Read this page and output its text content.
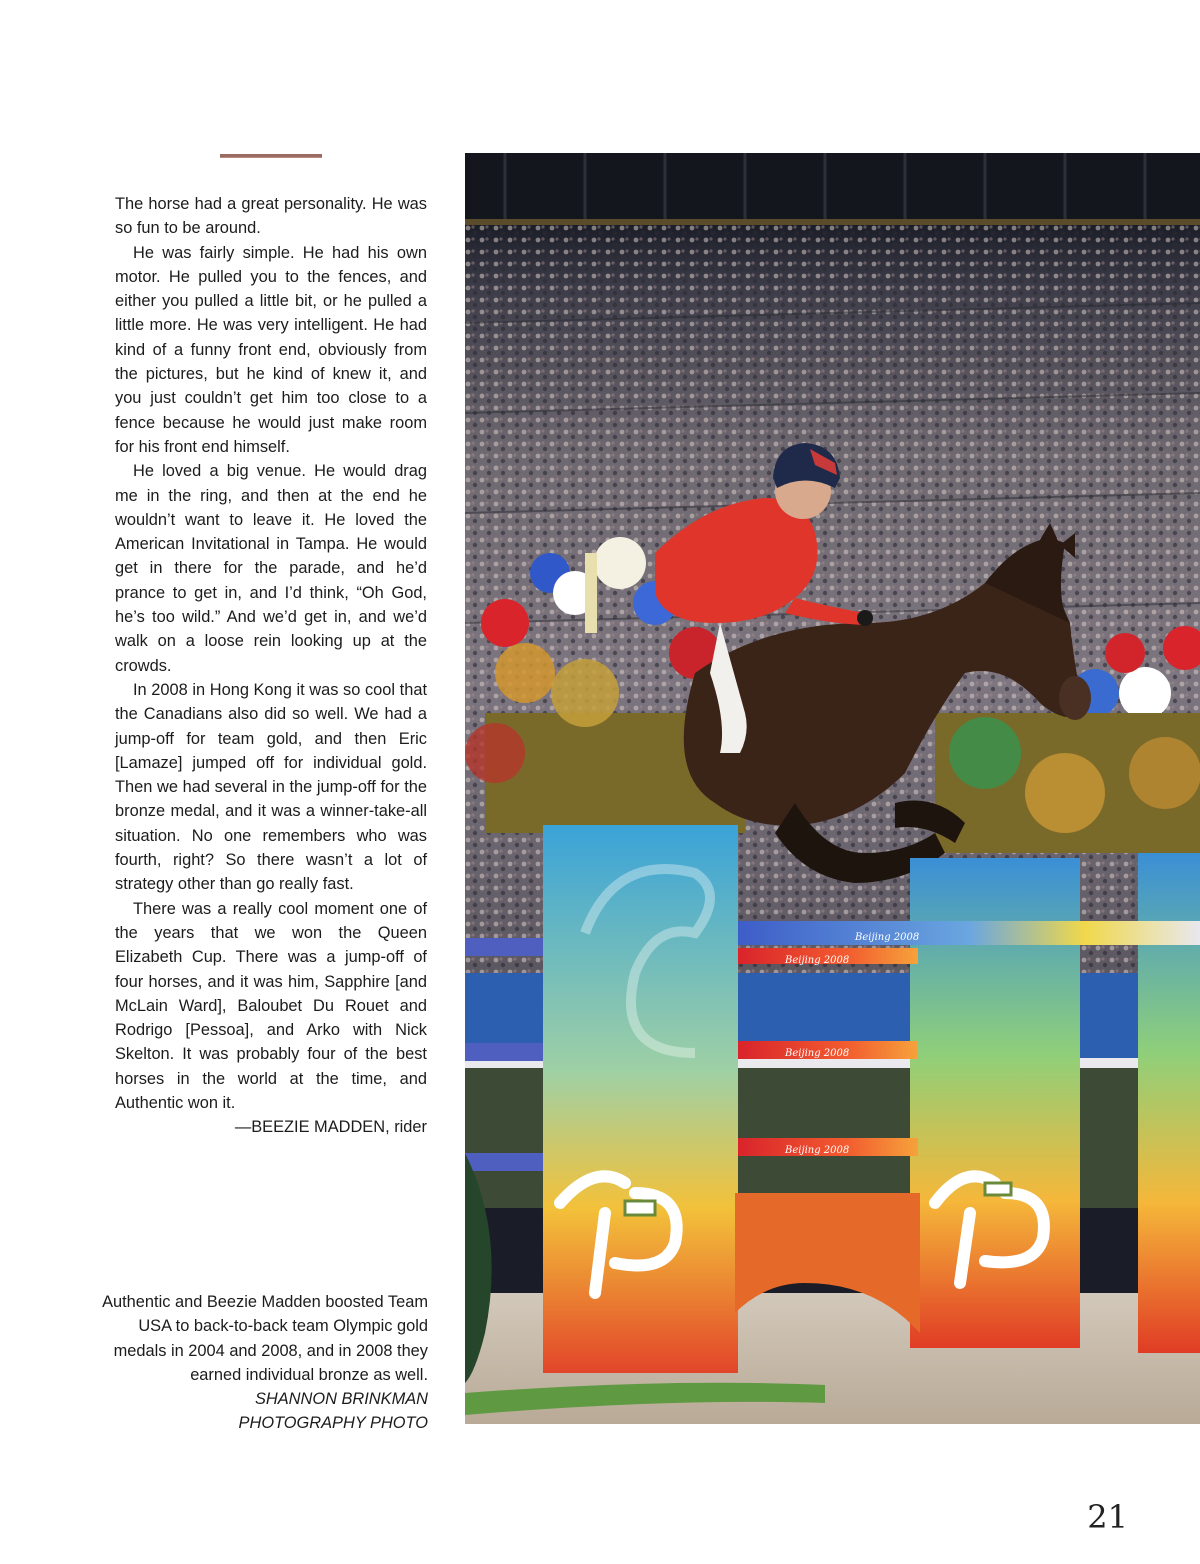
The horse had a great personality. He was so fun to be around.

He was fairly simple. He had his own motor. He pulled you to the fences, and either you pulled a little bit, or he pulled a little more. He was very intelligent. He had kind of a funny front end, obviously from the pictures, but he kind of knew it, and you just couldn’t get him too close to a fence because he would just make room for his front end himself.

He loved a big venue. He would drag me in the ring, and then at the end he wouldn’t want to leave it. He loved the American Invitational in Tampa. He would get in there for the parade, and he’d prance to get in, and I’d think, “Oh God, he’s too wild.” And we’d get in, and we’d walk on a loose rein looking up at the crowds.

In 2008 in Hong Kong it was so cool that the Canadians also did so well. We had a jump-off for team gold, and then Eric [Lamaze] jumped off for individual gold. Then we had several in the jump-off for the bronze medal, and it was a winner-take-all situation. No one remembers who was fourth, right? So there wasn’t a lot of strategy other than go really fast.

There was a really cool moment one of the years that we won the Queen Elizabeth Cup. There was a jump-off of four horses, and it was him, Sapphire [and McLain Ward], Baloubet Du Rouet and Rodrigo [Pessoa], and Arko with Nick Skelton. It was probably four of the best horses in the world at the time, and Authentic won it.

—BEEZIE MADDEN, rider
Authentic and Beezie Madden boosted Team USA to back-to-back team Olympic gold medals in 2004 and 2008, and in 2008 they earned individual bronze as well.
SHANNON BRINKMAN
PHOTOGRAPHY PHOTO
Beijing 2008
Beijing 2008
Beijing 2008
Beijing 2008
21
